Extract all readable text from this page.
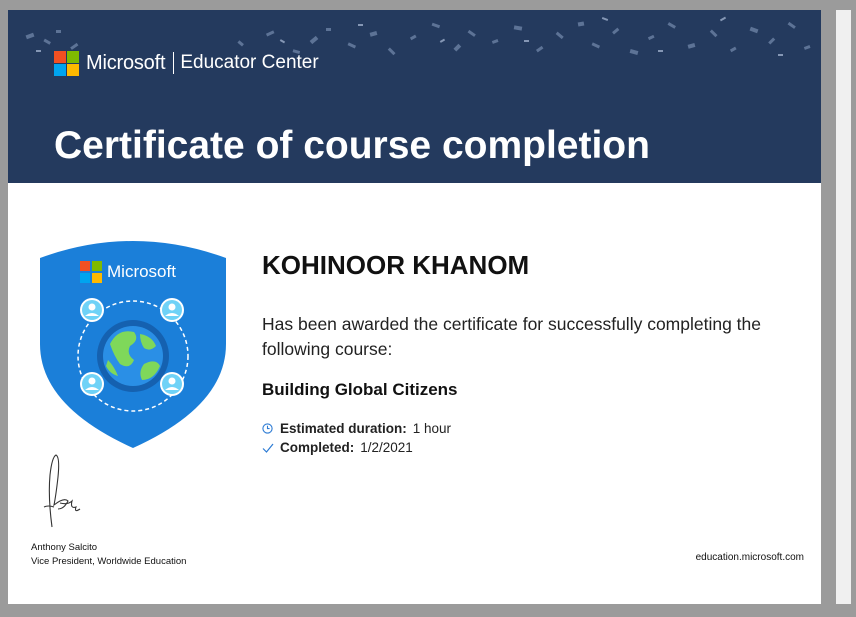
Microsoft Educator Center
Certificate of course completion
Microsoft	KOHINOOR KHANOM
Has been awarded the certificate for successfully completing the following course:
Building Global Citizens
Estimated duration: 1 hour
Completed: 1/2/2021
Anthony Salcito
Vice President, Worldwide Education	education.microsoft.com
